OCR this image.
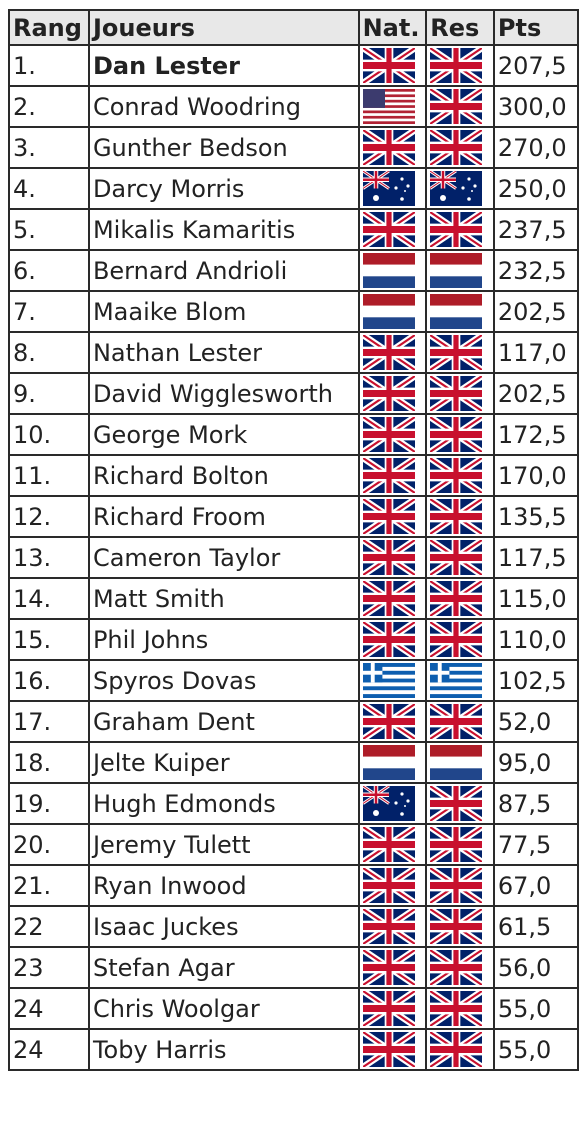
Rang	Joueurs	Nat.	Res	Pts
1.	Dan Lester			207,5
2.	Conrad Woodring			300,0
3.	Gunther Bedson			270,0
4.	Darcy Morris			250,0
5.	Mikalis Kamaritis			237,5
6.	Bernard Andrioli			232,5
7.	Maaike Blom			202,5
8.	Nathan Lester			117,0
9.	David Wigglesworth			202,5
10.	George Mork			172,5
11.	Richard Bolton			170,0
12.	Richard Froom			135,5
13.	Cameron Taylor			117,5
14.	Matt Smith			115,0
15.	Phil Johns			110,0
16.	Spyros Dovas			102,5
17.	Graham Dent			52,0
18.	Jelte Kuiper			95,0
19.	Hugh Edmonds			87,5
20.	Jeremy Tulett			77,5
21.	Ryan Inwood			67,0
22	Isaac Juckes			61,5
23	Stefan Agar			56,0
24	Chris Woolgar			55,0
24	Toby Harris			55,0
